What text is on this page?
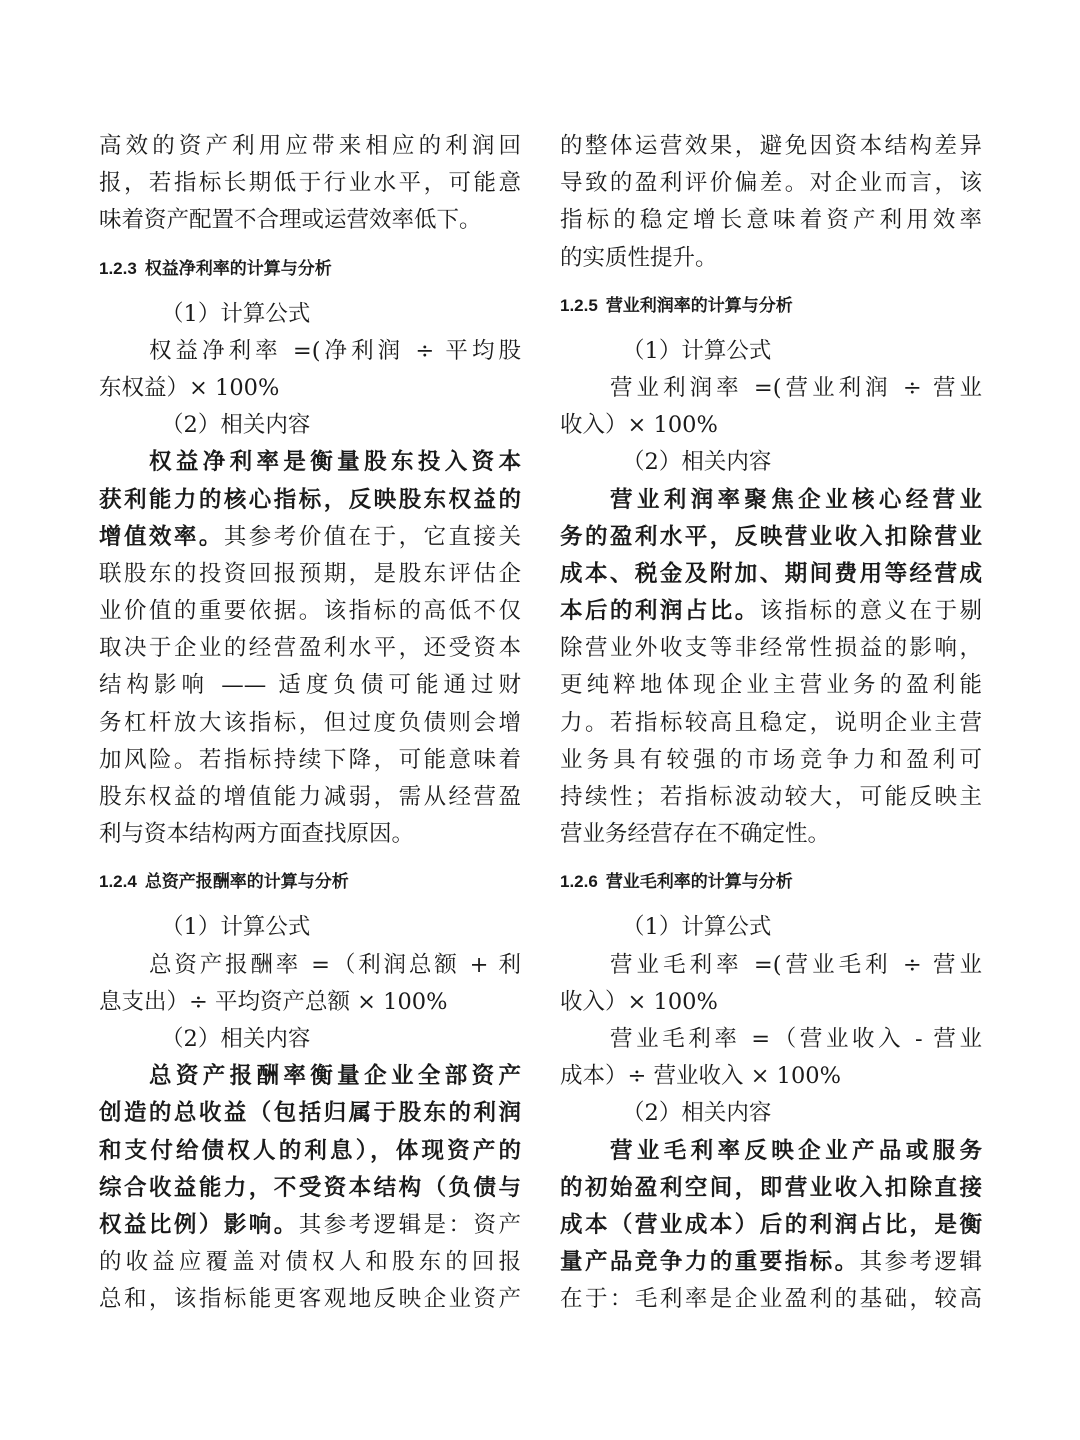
高效的资产利用应带来相应的利润回
报，若指标长期低于行业水平，可能意
味着资产配置不合理或运营效率低下。
1.2.3 权益净利率的计算与分析
（1）计算公式
权益净利率 =(净利润 ÷ 平均股
东权益）× 100%
（2）相关内容
权益净利率是衡量股东投入资本
获利能力的核心指标，反映股东权益的
增值效率。其参考价值在于，它直接关
联股东的投资回报预期，是股东评估企
业价值的重要依据。该指标的高低不仅
取决于企业的经营盈利水平，还受资本
结构影响 —— 适度负债可能通过财
务杠杆放大该指标，但过度负债则会增
加风险。若指标持续下降，可能意味着
股东权益的增值能力减弱，需从经营盈
利与资本结构两方面查找原因。
1.2.4 总资产报酬率的计算与分析
（1）计算公式
总资产报酬率 =（利润总额 + 利
息支出）÷ 平均资产总额 × 100%
（2）相关内容
总资产报酬率衡量企业全部资产
创造的总收益（包括归属于股东的利润
和支付给债权人的利息），体现资产的
综合收益能力，不受资本结构（负债与
权益比例）影响。其参考逻辑是：资产
的收益应覆盖对债权人和股东的回报
总和，该指标能更客观地反映企业资产
的整体运营效果，避免因资本结构差异
导致的盈利评价偏差。对企业而言，该
指标的稳定增长意味着资产利用效率
的实质性提升。
1.2.5 营业利润率的计算与分析
（1）计算公式
营业利润率 =(营业利润 ÷ 营业
收入）× 100%
（2）相关内容
营业利润率聚焦企业核心经营业
务的盈利水平，反映营业收入扣除营业
成本、税金及附加、期间费用等经营成
本后的利润占比。该指标的意义在于剔
除营业外收支等非经常性损益的影响，
更纯粹地体现企业主营业务的盈利能
力。若指标较高且稳定，说明企业主营
业务具有较强的市场竞争力和盈利可
持续性；若指标波动较大，可能反映主
营业务经营存在不确定性。
1.2.6 营业毛利率的计算与分析
（1）计算公式
营业毛利率 =(营业毛利 ÷ 营业
收入）× 100%
营业毛利率 =（营业收入 - 营业
成本）÷ 营业收入 × 100%
（2）相关内容
营业毛利率反映企业产品或服务
的初始盈利空间，即营业收入扣除直接
成本（营业成本）后的利润占比，是衡
量产品竞争力的重要指标。其参考逻辑
在于：毛利率是企业盈利的基础，较高
